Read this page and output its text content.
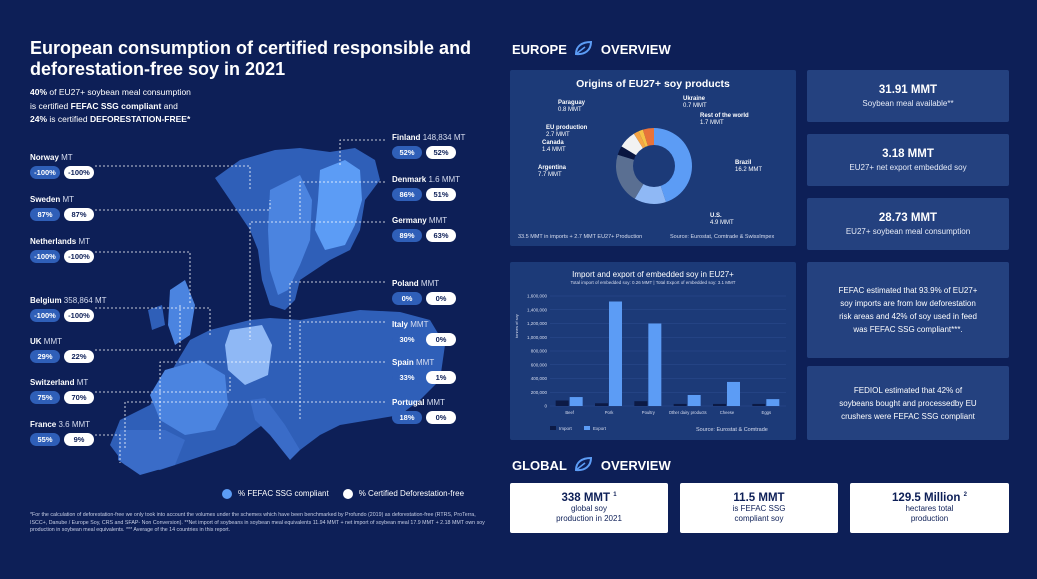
European consumption of certified responsible and deforestation-free soy in 2021
40% of EU27+ soybean meal consumption
is certified FEFAC SSG compliant and
24% is certified DEFORESTATION-FREE*
Norway MT
-100%	-100%
Sweden MT
87%	87%
Netherlands MT
-100%	-100%
Belgium 358,864 MT
-100%	-100%
UK MMT
29%	22%
Switzerland MT
75%	70%
France 3.6 MMT
55%	9%
Finland 148,834 MT
52%	52%
Denmark 1.6 MMT
86%	51%
Germany MMT
89%	63%
Poland MMT
0%	0%
Italy MMT
30%	0%
Spain MMT
33%	1%
Portugal MMT
18%	0%
% FEFAC SSG compliant	% Certified Deforestation-free
*For the calculation of deforestation-free we only took into account the volumes under the schemes which have been benchmarked by Profundo (2019) as deforestation-free (RTRS, ProTerra, ISCC+, Danube / Europe Soy, CRS and SFAP- Non Conversion). **Net import of soybeans in soybean meal equivalents 11.94 MMT + net import of soybean meal 17.9 MMT + 2.18 MMT own soy production in soybean meal equivalents. *** Average of the 14 countries in this report.
EUROPE	OVERVIEW
Origins of EU27+ soy products
Paraguay
0.8 MMT
Ukraine
0.7 MMT
Rest of the world
1.7 MMT
EU production
2.7 MMT
Canada
1.4 MMT
Argentina
7.7 MMT
Brazil
16.2 MMT
U.S.
4.9 MMT
33.5 MMT in imports + 2.7 MMT EU27+ Production	Source: Eurostat, Comtrade & SwissImpex
Import and export of embedded soy in EU27+
Total import of embedded soy: 0.26 MMT | Total Export of embedded soy: 3.1 MMT
tonnes of soy
0
200,000
400,000
600,000
800,000
1,000,000
1,200,000
1,400,000
1,600,000
Beef	Pork	Poultry	Other dairy products	Cheese	Eggs
Import	Export	Source: Eurostat & Comtrade
31.91 MMT
Soybean meal available**
3.18 MMT
EU27+ net export embedded soy
28.73 MMT
EU27+ soybean meal consumption
FEFAC estimated that 93.9% of EU27+ soy imports are from low deforestation risk areas and 42% of soy used in feed was FEFAC SSG compliant***.
FEDIOL estimated that 42% of soybeans bought and processedby EU crushers were FEFAC SSG compliant
GLOBAL	OVERVIEW
338 MMT $^1$
global soy
production in 2021
11.5 MMT
is FEFAC SSG
compliant soy
129.5 Million $^2$
hectares total
production
